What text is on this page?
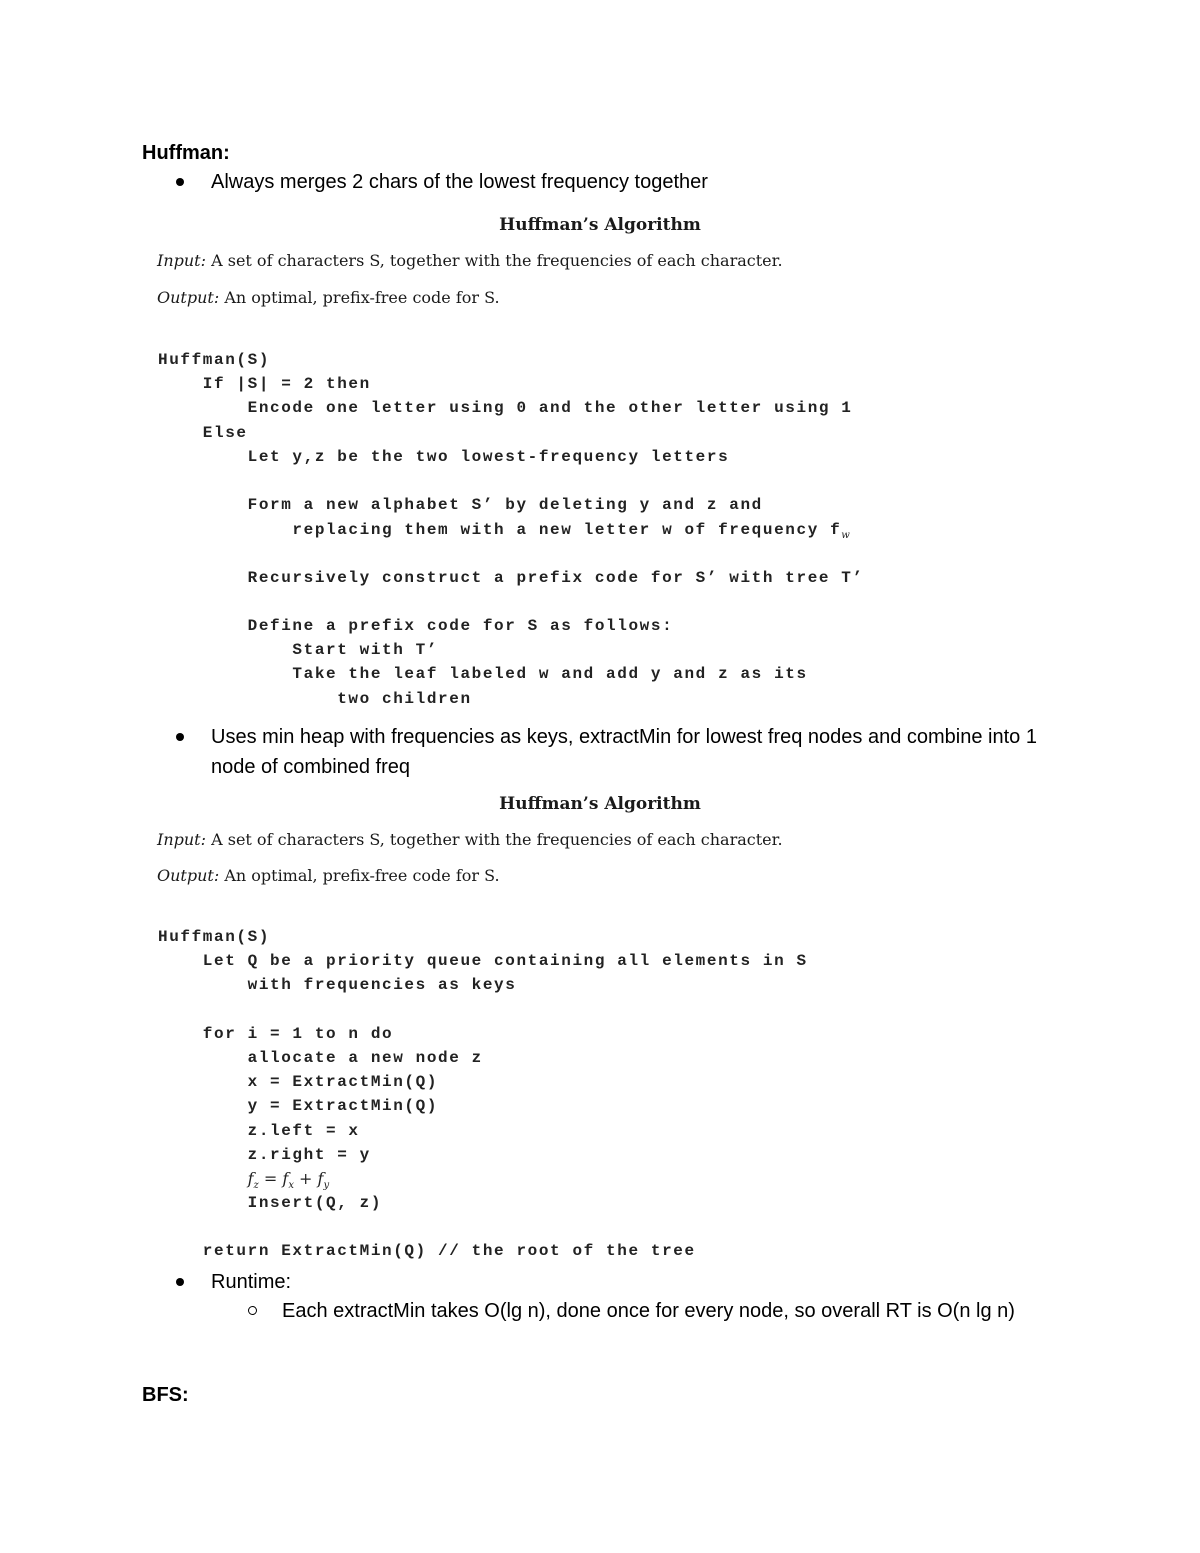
Huffman:
Always merges 2 chars of the lowest frequency together
Huffman’s Algorithm
Input: A set of characters S, together with the frequencies of each character.
Output: An optimal, prefix-free code for S.
Huffman(S)
If |S| = 2 then
Encode one letter using 0 and the other letter using 1
Else
Let y,z be the two lowest-frequency letters
Form a new alphabet S’ by deleting y and z and
replacing them with a new letter w of frequency $f_w$
Recursively construct a prefix code for S’ with tree T’
Define a prefix code for S as follows:
Start with T’
Take the leaf labeled w and add y and z as its
two children
Uses min heap with frequencies as keys, extractMin for lowest freq nodes and combine into 1 node of combined freq
Huffman’s Algorithm
Input: A set of characters S, together with the frequencies of each character.
Output: An optimal, prefix-free code for S.
Huffman(S)
Let Q be a priority queue containing all elements in S
with frequencies as keys
for i = 1 to n do
allocate a new node z
x = ExtractMin(Q)
y = ExtractMin(Q)
z.left = x
z.right = y
$f_z = f_x + f_y$
Insert(Q, z)
return ExtractMin(Q) // the root of the tree
Runtime:
Each extractMin takes O(lg n), done once for every node, so overall RT is O(n lg n)
BFS:
